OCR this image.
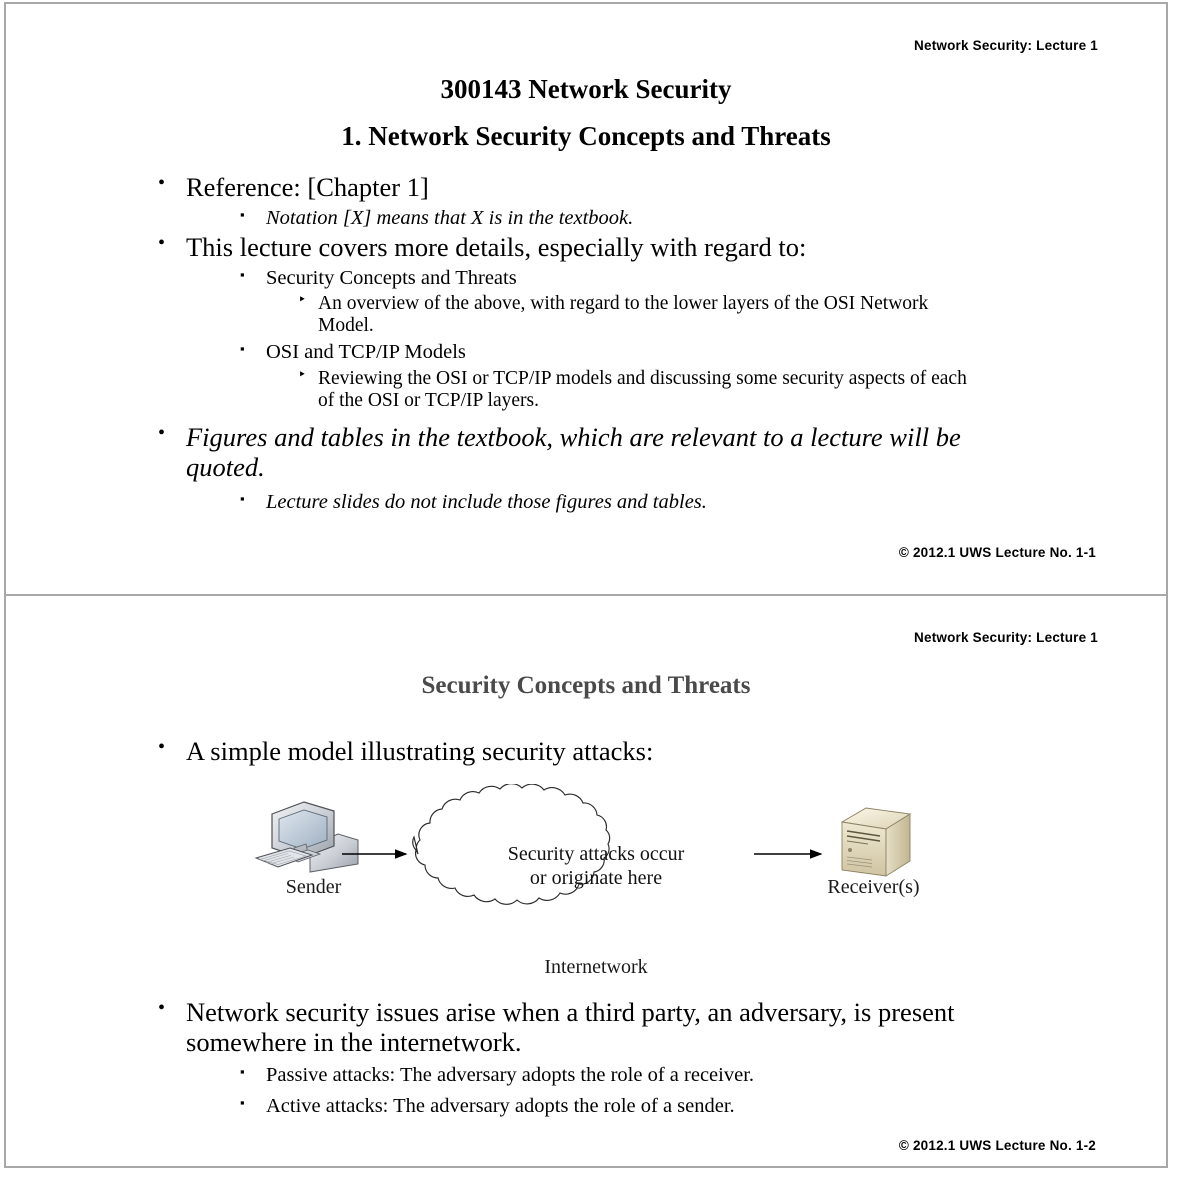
Network Security: Lecture 1
300143 Network Security
1. Network Security Concepts and Threats
• Reference: [Chapter 1]
▪ Notation [X] means that X is in the textbook.
• This lecture covers more details, especially with regard to:
▪ Security Concepts and Threats
‣ An overview of the above, with regard to the lower layers of the OSI Network Model.
▪ OSI and TCP/IP Models
‣ Reviewing the OSI or TCP/IP models and discussing some security aspects of each of the OSI or TCP/IP layers.
• Figures and tables in the textbook, which are relevant to a lecture will be quoted.
▪ Lecture slides do not include those figures and tables.
© 2012.1 UWS Lecture No. 1-1
Network Security: Lecture 1
Security Concepts and Threats
• A simple model illustrating security attacks:
Security attacks occur
or originate here
Sender	Receiver(s)
Internetwork
• Network security issues arise when a third party, an adversary, is present somewhere in the internetwork.
▪ Passive attacks: The adversary adopts the role of a receiver.
▪ Active attacks: The adversary adopts the role of a sender.
© 2012.1 UWS Lecture No. 1-2
